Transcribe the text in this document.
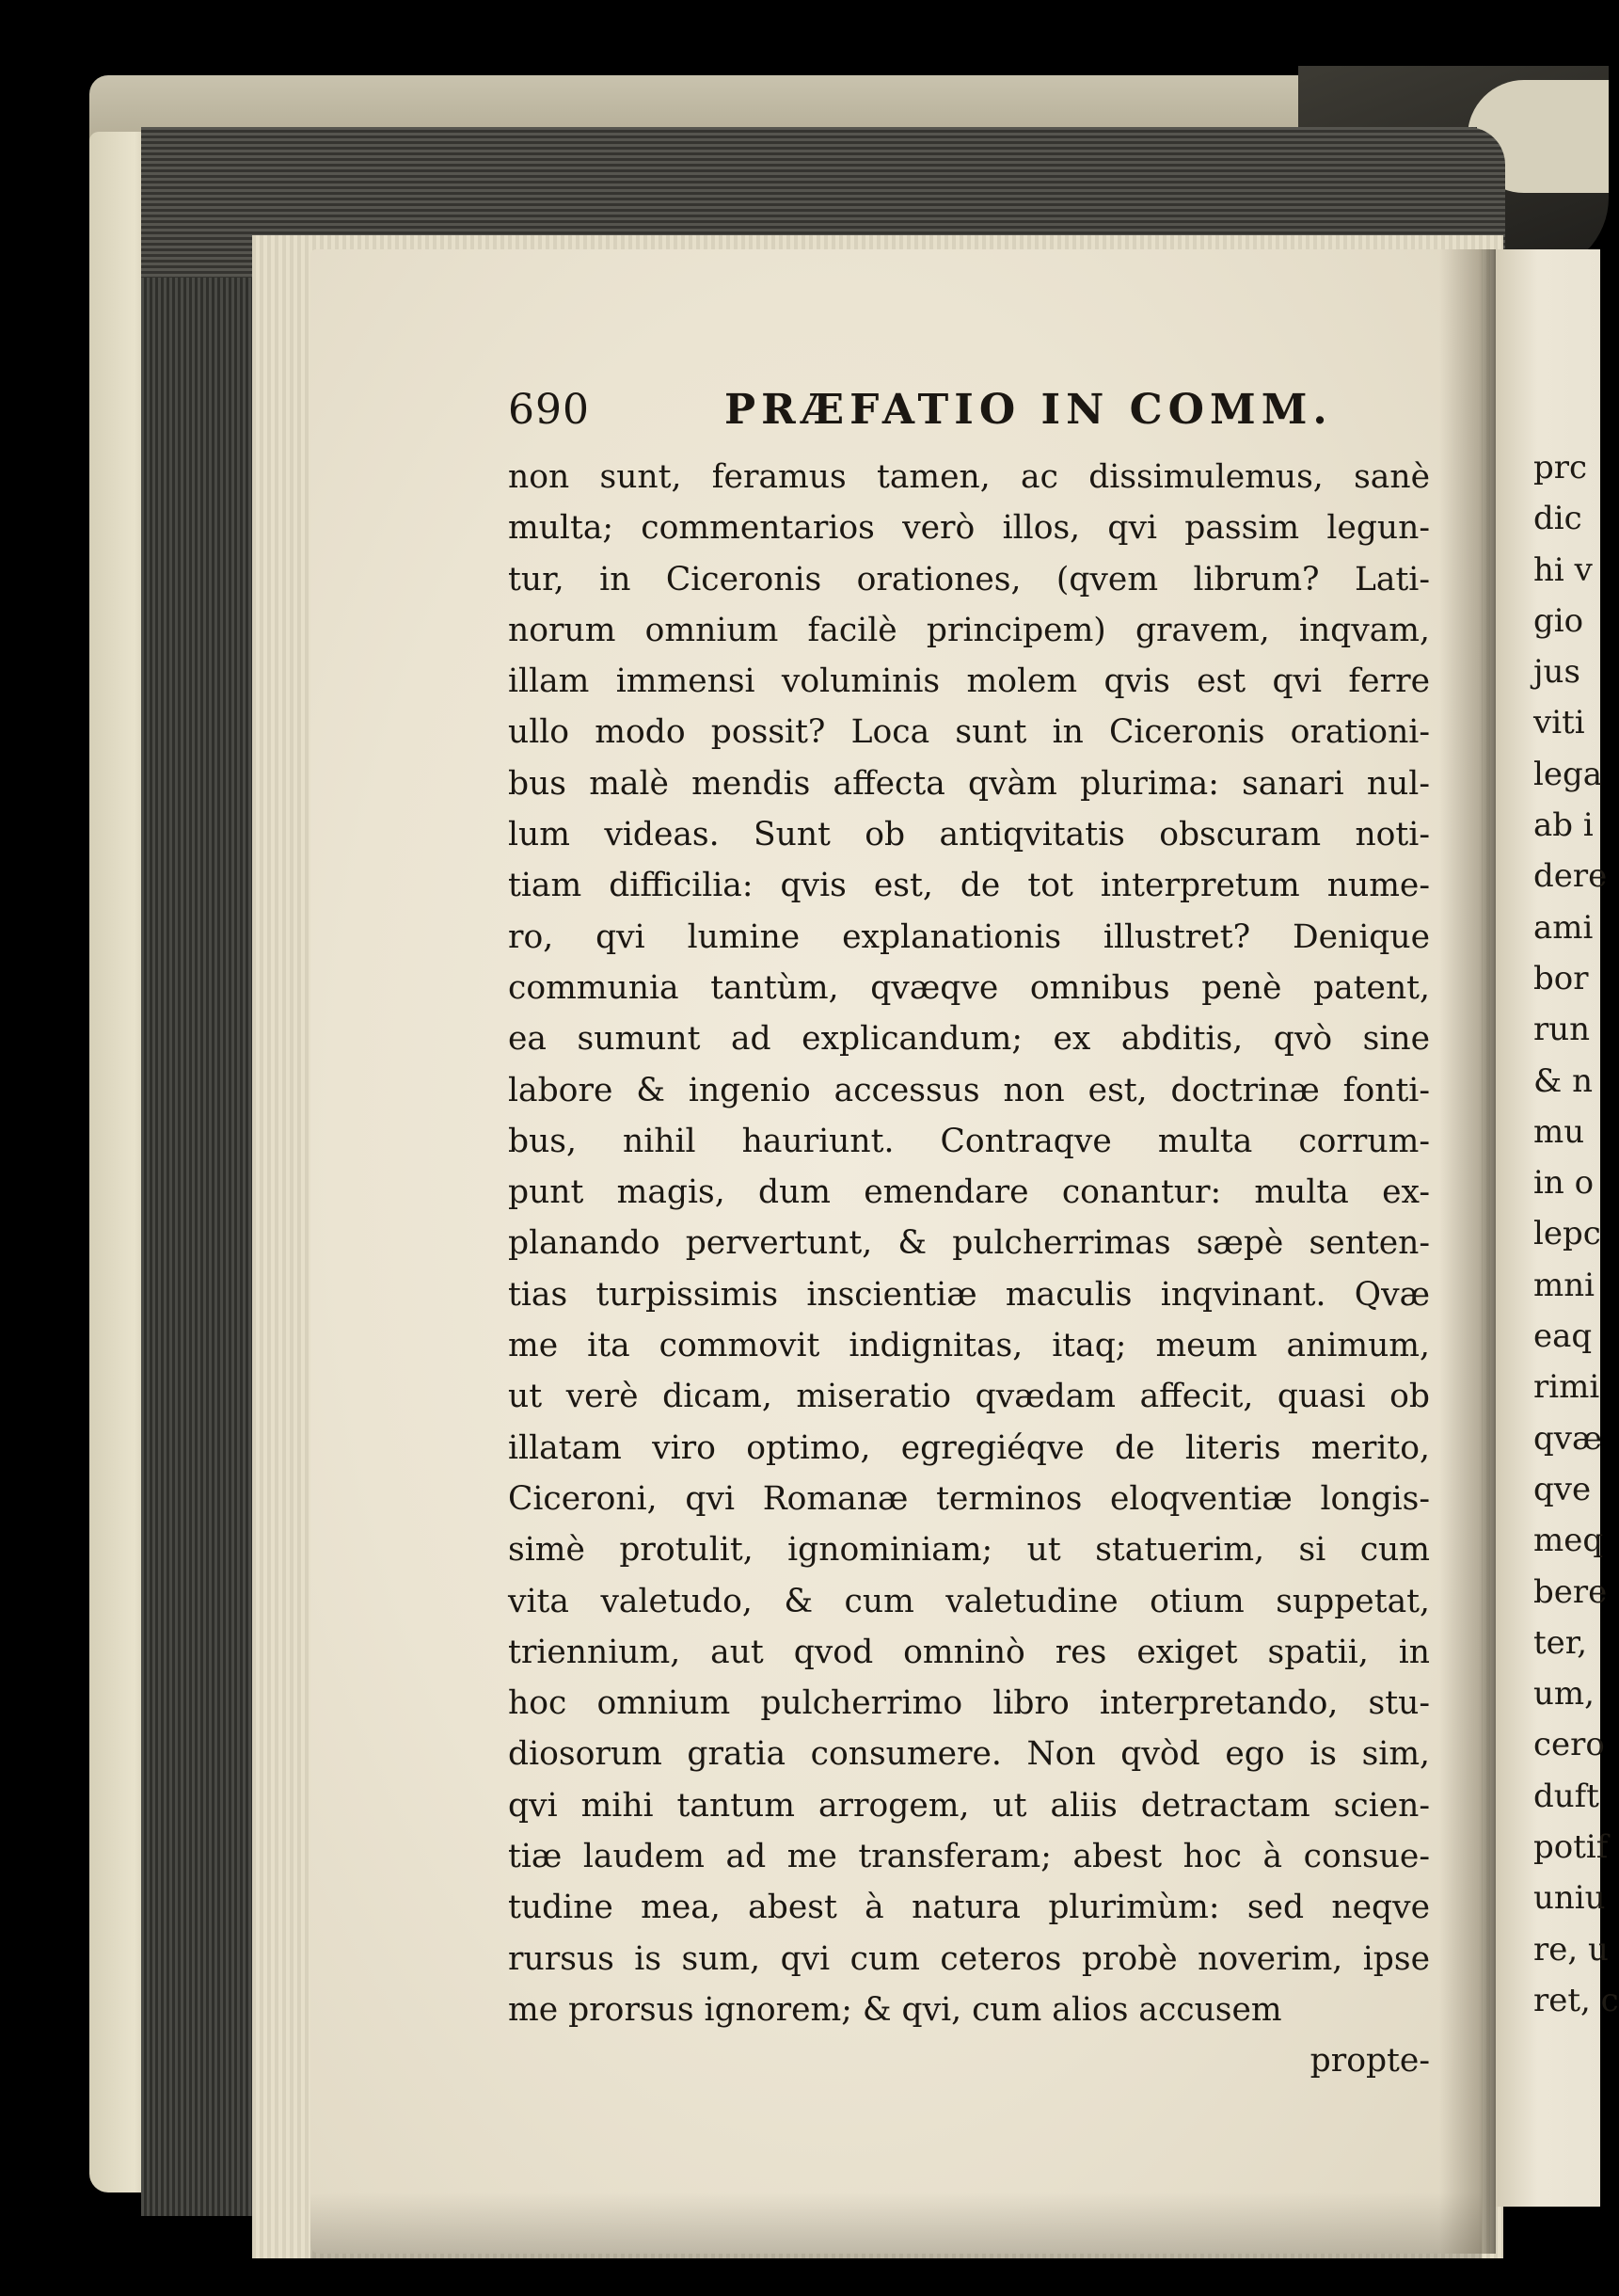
690	PRÆFATIO IN COMM.
non sunt, feramus tamen, ac dissimulemus, sanè
multa; commentarios verò illos, qvi passim legun-
tur, in Ciceronis orationes, (qvem librum? Lati-
norum omnium facilè principem) gravem, inqvam,
illam immensi voluminis molem qvis est qvi ferre
ullo modo possit? Loca sunt in Ciceronis orationi-
bus malè mendis affecta qvàm plurima: sanari nul-
lum videas. Sunt ob antiqvitatis obscuram noti-
tiam difficilia: qvis est, de tot interpretum nume-
ro, qvi lumine explanationis illustret? Denique
communia tantùm, qvæqve omnibus penè patent,
ea sumunt ad explicandum; ex abditis, qvò sine
labore & ingenio accessus non est, doctrinæ fonti-
bus, nihil hauriunt. Contraqve multa corrum-
punt magis, dum emendare conantur: multa ex-
planando pervertunt, & pulcherrimas sæpè senten-
tias turpissimis inscientiæ maculis inqvinant. Qvæ
me ita commovit indignitas, itaq; meum animum,
ut verè dicam, miseratio qvædam affecit, quasi ob
illatam viro optimo, egregiéqve de literis merito,
Ciceroni, qvi Romanæ terminos eloqventiæ longis-
simè protulit, ignominiam; ut statuerim, si cum
vita valetudo, & cum valetudine otium suppetat,
triennium, aut qvod omninò res exiget spatii, in
hoc omnium pulcherrimo libro interpretando, stu-
diosorum gratia consumere. Non qvòd ego is sim,
qvi mihi tantum arrogem, ut aliis detractam scien-
tiæ laudem ad me transferam; abest hoc à consue-
tudine mea, abest à natura plurimùm: sed neqve
rursus is sum, qvi cum ceteros probè noverim, ipse
me prorsus ignorem; & qvi, cum alios accusem
propte-
prc
dic
hi v
gio
jus
viti
lega
ab i
dere
ami
bor
run
& n
mu
in o
lepc
mni
eaq
rimi
qvæ
qve
meq
bere
ter,
um,
cero
duft
potif
uniu
re, u
ret, c
